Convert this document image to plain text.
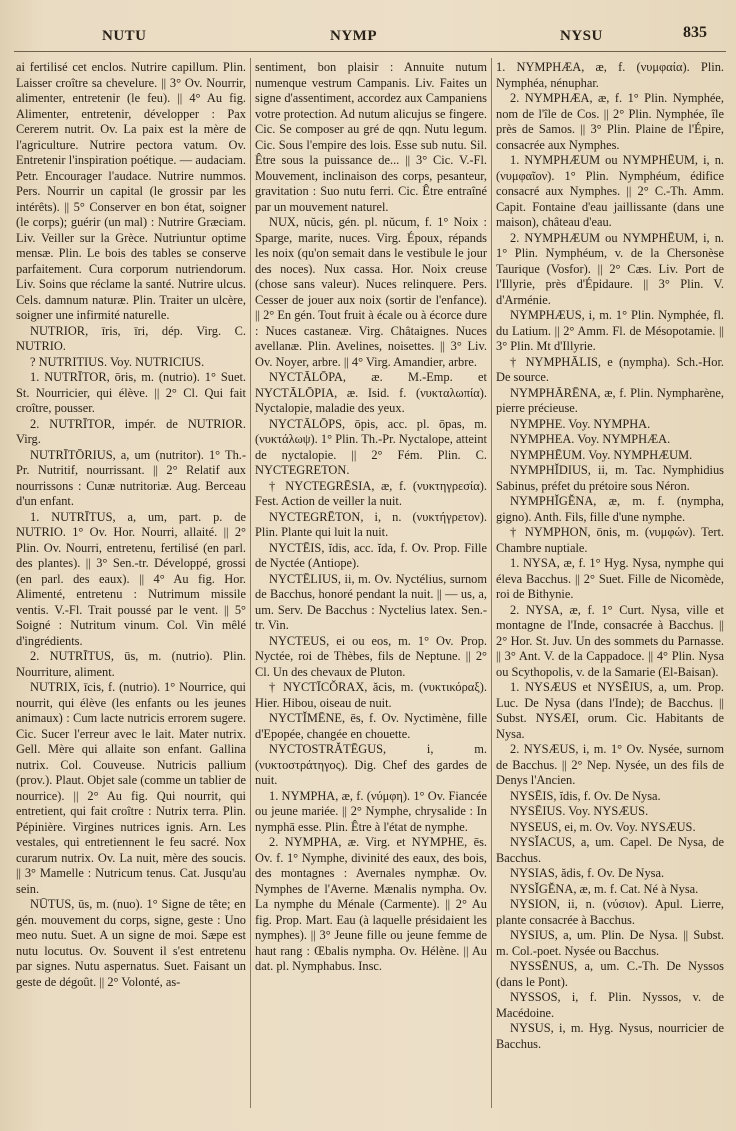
NUTU	NYMP	NYSU	835

ai fertilisé cet enclos. Nutrire capillum. Plin. Laisser croître sa chevelure. || 3° Ov. Nourrir, alimenter, entretenir (le feu). || 4° Au fig. Alimenter, entretenir, développer : Pax Cererem nutrit. Ov. La paix est la mère de l'agriculture. Nutrire pectora vatum. Ov. Entretenir l'inspiration poétique. — audaciam. Petr. Encourager l'audace. Nutrire nummos. Pers. Nourrir un capital (le grossir par les intérêts). || 5° Conserver en bon état, soigner (le corps); guérir (un mal) : Nutrire Græciam. Liv. Veiller sur la Grèce. Nutriuntur optime mensæ. Plin. Le bois des tables se conserve parfaitement. Cura corporum nutriendorum. Liv. Soins que réclame la santé. Nutrire ulcus. Cels. damnum naturæ. Plin. Traiter un ulcère, soigner une infirmité naturelle.

NUTRIOR, īris, īri, dép. Virg. C. NUTRIO.

? NUTRITIUS. Voy. NUTRICIUS.

1. NUTRĪTOR, ōris, m. (nutrio). 1° Suet. St. Nourricier, qui élève. || 2° Cl. Qui fait croître, pousser.

2. NUTRĪTOR, impér. de NUTRIOR. Virg.

NUTRĪTŌRIUS, a, um (nutritor). 1° Th.-Pr. Nutritif, nourrissant. || 2° Relatif aux nourrissons : Cunæ nutritoriæ. Aug. Berceau d'un enfant.

1. NUTRĪTUS, a, um, part. p. de NUTRIO. 1° Ov. Hor. Nourri, allaité. || 2° Plin. Ov. Nourri, entretenu, fertilisé (en parl. des plantes). || 3° Sen.-tr. Développé, grossi (en parl. des eaux). || 4° Au fig. Hor. Alimenté, entretenu : Nutrimum missile ventis. V.-Fl. Trait poussé par le vent. || 5° Soigné : Nutritum vinum. Col. Vin mêlé d'ingrédients.

2. NUTRĪTUS, ūs, m. (nutrio). Plin. Nourriture, aliment.

NUTRIX, īcis, f. (nutrio). 1° Nourrice, qui nourrit, qui élève (les enfants ou les jeunes animaux) : Cum lacte nutricis errorem sugere. Cic. Sucer l'erreur avec le lait. Mater nutrix. Gell. Mère qui allaite son enfant. Gallina nutrix. Col. Couveuse. Nutricis pallium (prov.). Plaut. Objet sale (comme un tablier de nourrice). || 2° Au fig. Qui nourrit, qui entretient, qui fait croître : Nutrix terra. Plin. Pépinière. Virgines nutrices ignis. Arn. Les vestales, qui entretiennent le feu sacré. Nox curarum nutrix. Ov. La nuit, mère des soucis. || 3° Mamelle : Nutricum tenus. Cat. Jusqu'au sein.

NŪTUS, ūs, m. (nuo). 1° Signe de tête; en gén. mouvement du corps, signe, geste : Uno meo nutu. Suet. A un signe de moi. Sæpe est nutu locutus. Ov. Souvent il s'est entretenu par signes. Nutu aspernatus. Suet. Faisant un geste de dégoût. || 2° Volonté, as-

sentiment, bon plaisir : Annuite nutum numenque vestrum Campanis. Liv. Faites un signe d'assentiment, accordez aux Campaniens votre protection. Ad nutum alicujus se fingere. Cic. Se composer au gré de qqn. Nutu legum. Cic. Sous l'empire des lois. Esse sub nutu. Sil. Être sous la puissance de... || 3° Cic. V.-Fl. Mouvement, inclinaison des corps, pesanteur, gravitation : Suo nutu ferri. Cic. Être entraîné par un mouvement naturel.

NUX, nŭcis, gén. pl. nŭcum, f. 1° Noix : Sparge, marite, nuces. Virg. Époux, répands les noix (qu'on semait dans le vestibule le jour des noces). Nux cassa. Hor. Noix creuse (chose sans valeur). Nuces relinquere. Pers. Cesser de jouer aux noix (sortir de l'enfance). || 2° En gén. Tout fruit à écale ou à écorce dure : Nuces castaneæ. Virg. Châtaignes. Nuces avellanæ. Plin. Avelines, noisettes. || 3° Liv. Ov. Noyer, arbre. || 4° Virg. Amandier, arbre.

NYCTĀLŌPA, æ. M.-Emp. et NYCTĀLŌPIA, æ. Isid. f. (νυκταλωπία). Nyctalopie, maladie des yeux.

NYCTĀLŌPS, ōpis, acc. pl. ōpas, m. (νυκτάλωψ). 1° Plin. Th.-Pr. Nyctalope, atteint de nyctalopie. || 2° Fém. Plin. C. NYCTEGRETON.

† NYCTEGRĒSIA, æ, f. (νυκτηγρεσία). Fest. Action de veiller la nuit.

NYCTEGRĒTON, i, n. (νυκτήγρετον). Plin. Plante qui luit la nuit.

NYCTĒIS, ĭdis, acc. ĭda, f. Ov. Prop. Fille de Nyctée (Antiope).

NYCTĒLIUS, ii, m. Ov. Nyctélius, surnom de Bacchus, honoré pendant la nuit. || — us, a, um. Serv. De Bacchus : Nyctelius latex. Sen.-tr. Vin.

NYCTEUS, ei ou eos, m. 1° Ov. Prop. Nyctée, roi de Thèbes, fils de Neptune. || 2° Cl. Un des chevaux de Pluton.

† NYCTĪCŎRAX, ăcis, m. (νυκτικόραξ). Hier. Hibou, oiseau de nuit.

NYCTĬMĒNE, ēs, f. Ov. Nyctimène, fille d'Epopée, changée en chouette.

NYCTOSTRĂTĒGUS, i, m. (νυκτοστράτηγος). Dig. Chef des gardes de nuit.

1. NYMPHA, æ, f. (νύμφη). 1° Ov. Fiancée ou jeune mariée. || 2° Nymphe, chrysalide : In nymphā esse. Plin. Être à l'état de nymphe.

2. NYMPHA, æ. Virg. et NYMPHE, ēs. Ov. f. 1° Nymphe, divinité des eaux, des bois, des montagnes : Avernales nymphæ. Ov. Nymphes de l'Averne. Mænalis nympha. Ov. La nymphe du Ménale (Carmente). || 2° Au fig. Prop. Mart. Eau (à laquelle présidaient les nymphes). || 3° Jeune fille ou jeune femme de haut rang : Œbalis nympha. Ov. Hélène. || Au dat. pl. Nymphabus. Insc.

1. NYMPHÆA, æ, f. (νυμφαία). Plin. Nymphéa, nénuphar.

2. NYMPHÆA, æ, f. 1° Plin. Nymphée, nom de l'île de Cos. || 2° Plin. Nymphée, île près de Samos. || 3° Plin. Plaine de l'Épire, consacrée aux Nymphes.

1. NYMPHÆUM ou NYMPHĒUM, i, n. (νυμφαῖον). 1° Plin. Nymphéum, édifice consacré aux Nymphes. || 2° C.-Th. Amm. Capit. Fontaine d'eau jaillissante (dans une maison), château d'eau.

2. NYMPHÆUM ou NYMPHĒUM, i, n. 1° Plin. Nymphéum, v. de la Chersonèse Taurique (Vosfor). || 2° Cæs. Liv. Port de l'Illyrie, près d'Épidaure. || 3° Plin. V. d'Arménie.

NYMPHÆUS, i, m. 1° Plin. Nymphée, fl. du Latium. || 2° Amm. Fl. de Mésopotamie. || 3° Plin. Mt d'Illyrie.

† NYMPHĀLIS, e (nympha). Sch.-Hor. De source.

NYMPHĀRĒNA, æ, f. Plin. Nympharène, pierre précieuse.

NYMPHE. Voy. NYMPHA.

NYMPHEA. Voy. NYMPHÆA.

NYMPHĒUM. Voy. NYMPHÆUM.

NYMPHĬDIUS, ii, m. Tac. Nymphidius Sabinus, préfet du prétoire sous Néron.

NYMPHĬGĔNA, æ, m. f. (nympha, gigno). Anth. Fils, fille d'une nymphe.

† NYMPHON, ōnis, m. (νυμφών). Tert. Chambre nuptiale.

1. NYSA, æ, f. 1° Hyg. Nysa, nymphe qui éleva Bacchus. || 2° Suet. Fille de Nicomède, roi de Bithynie.

2. NYSA, æ, f. 1° Curt. Nysa, ville et montagne de l'Inde, consacrée à Bacchus. || 2° Hor. St. Juv. Un des sommets du Parnasse. || 3° Ant. V. de la Cappadoce. || 4° Plin. Nysa ou Scythopolis, v. de la Samarie (El-Baisan).

1. NYSÆUS et NYSĒIUS, a, um. Prop. Luc. De Nysa (dans l'Inde); de Bacchus. || Subst. NYSÆI, orum. Cic. Habitants de Nysa.

2. NYSÆUS, i, m. 1° Ov. Nysée, surnom de Bacchus. || 2° Nep. Nysée, un des fils de Denys l'Ancien.

NYSĒIS, ĭdis, f. Ov. De Nysa.

NYSĒIUS. Voy. NYSÆUS.

NYSEUS, ei, m. Ov. Voy. NYSÆUS.

NYSĬACUS, a, um. Capel. De Nysa, de Bacchus.

NYSIAS, ădis, f. Ov. De Nysa.

NYSĬGĔNA, æ, m. f. Cat. Né à Nysa.

NYSION, ii, n. (νύσιον). Apul. Lierre, plante consacrée à Bacchus.

NYSIUS, a, um. Plin. De Nysa. || Subst. m. Col.-poet. Nysée ou Bacchus.

NYSSĒNUS, a, um. C.-Th. De Nyssos (dans le Pont).

NYSSOS, i, f. Plin. Nyssos, v. de Macédoine.

NYSUS, i, m. Hyg. Nysus, nourricier de Bacchus.
